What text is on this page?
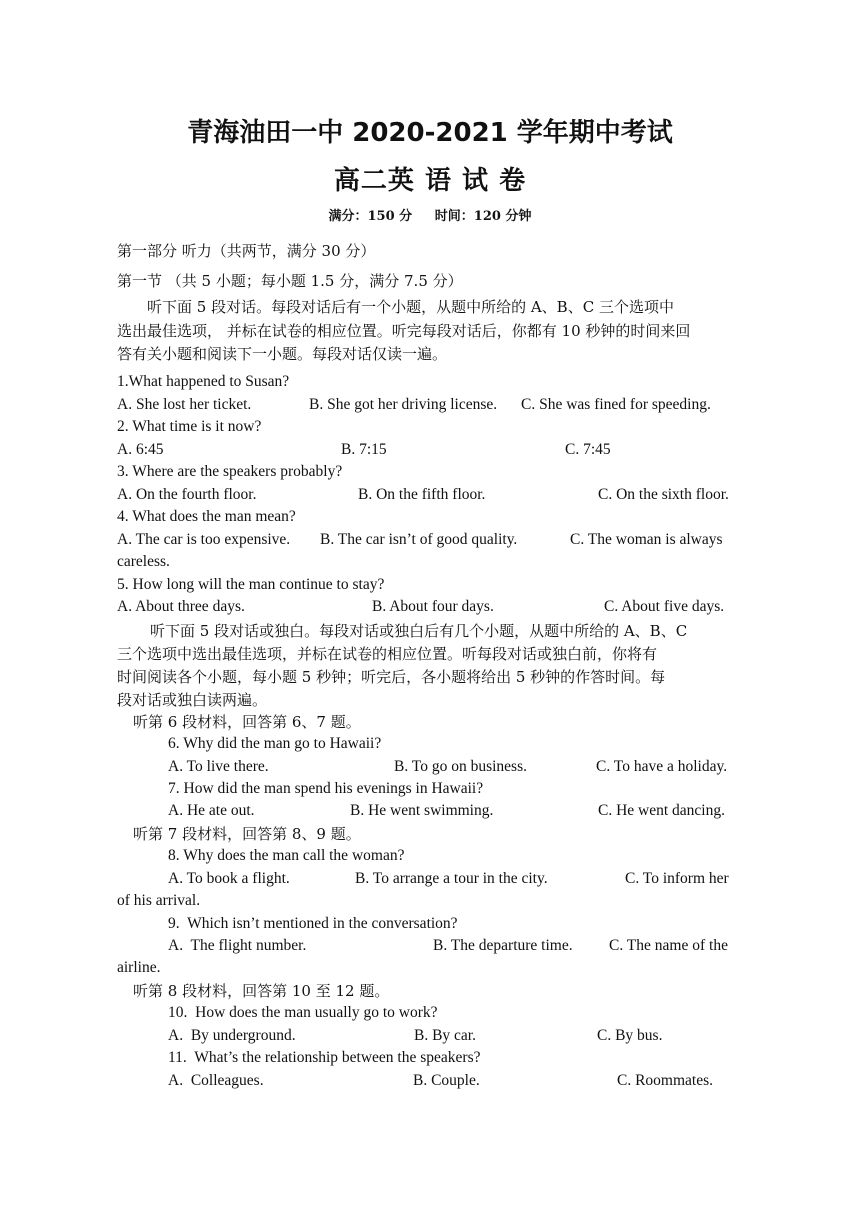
青海油田一中 2020-2021 学年期中考试
高二英 语 试 卷
满分：150 分     时间：120 分钟
第一部分 听力（共两节，满分 30 分）
第一节 （共 5 小题；每小题 1.5 分，满分 7.5 分）
听下面 5 段对话。每段对话后有一个小题，从题中所给的 A、B、C 三个选项中
选出最佳选项， 并标在试卷的相应位置。听完每段对话后，你都有 10 秒钟的时间来回
答有关小题和阅读下一小题。每段对话仅读一遍。
1.What happened to Susan?
A. She lost her ticket.	B. She got her driving license. C. She was fined for speeding.
2. What time is it now?
A. 6:45	B. 7:15	C. 7:45
3. Where are the speakers probably?
A. On the fourth floor.	B. On the fifth floor.	C. On the sixth floor.
4. What does the man mean?
A. The car is too expensive. B. The car isn’t of good quality.	C. The woman is always
careless.
5. How long will the man continue to stay?
A. About three days.	B. About four days.	C. About five days.
听下面 5 段对话或独白。每段对话或独白后有几个小题，从题中所给的 A、B、C
三个选项中选出最佳选项，并标在试卷的相应位置。听每段对话或独白前，你将有
时间阅读各个小题，每小题 5 秒钟；听完后，各小题将给出 5 秒钟的作答时间。每
段对话或独白读两遍。
听第 6 段材料，回答第 6、7 题。
6. Why did the man go to Hawaii?
A. To live there.	B. To go on business.	C. To have a holiday.
7. How did the man spend his evenings in Hawaii?
A. He ate out.	B. He went swimming.	C. He went dancing.
听第 7 段材料，回答第 8、9 题。
8. Why does the man call the woman?
A. To book a flight.	B. To arrange a tour in the city.	C. To inform her
of his arrival.
9.  Which isn’t mentioned in the conversation?
A.  The flight number.	B. The departure time. C. The name of the
airline.
听第 8 段材料，回答第 10 至 12 题。
10.  How does the man usually go to work?
A.  By underground.	B. By car.	C. By bus.
11.  What’s the relationship between the speakers?
A.  Colleagues.	B. Couple.	C. Roommates.
